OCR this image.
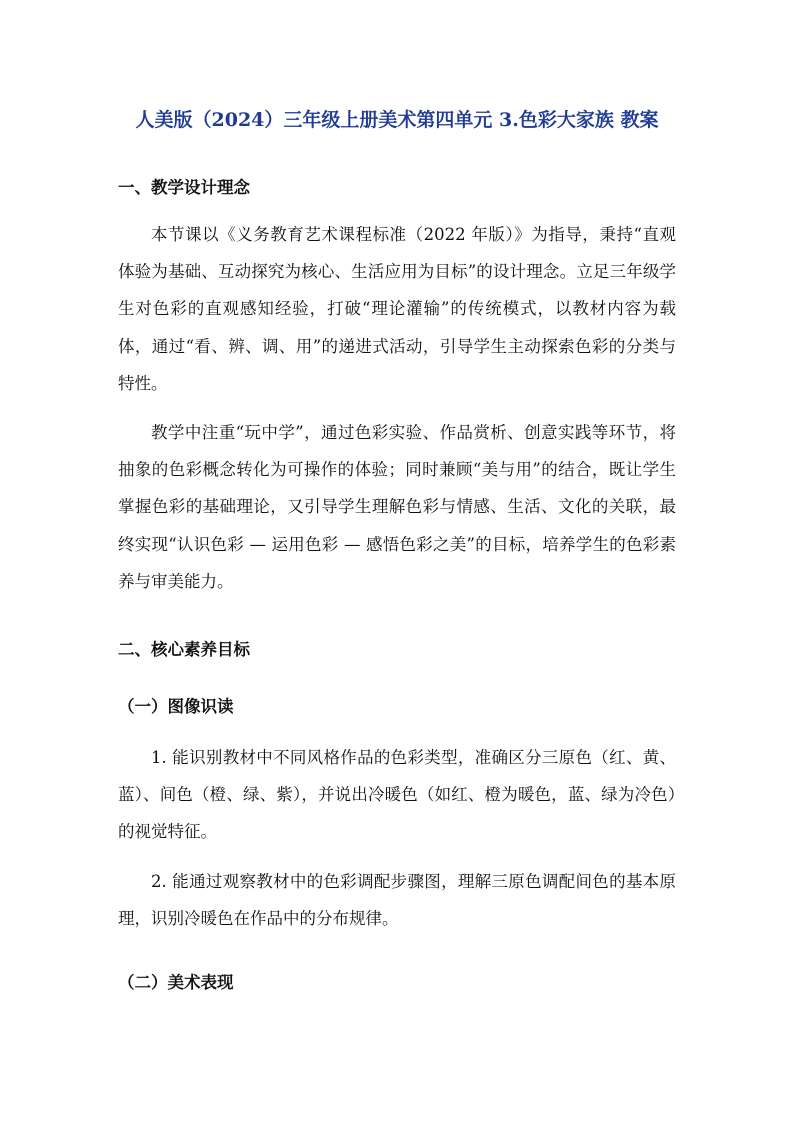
人美版（2024）三年级上册美术第四单元 3.色彩大家族 教案
一、教学设计理念

本节课以《义务教育艺术课程标准（2022 年版）》为指导，秉持“直观体验为基础、互动探究为核心、生活应用为目标”的设计理念。立足三年级学生对色彩的直观感知经验，打破“理论灌输”的传统模式，以教材内容为载体，通过“看、辨、调、用”的递进式活动，引导学生主动探索色彩的分类与特性。

教学中注重“玩中学”，通过色彩实验、作品赏析、创意实践等环节，将抽象的色彩概念转化为可操作的体验；同时兼顾“美与用”的结合，既让学生掌握色彩的基础理论，又引导学生理解色彩与情感、生活、文化的关联，最终实现“认识色彩 — 运用色彩 — 感悟色彩之美”的目标，培养学生的色彩素养与审美能力。

二、核心素养目标
（一）图像识读

1. 能识别教材中不同风格作品的色彩类型，准确区分三原色（红、黄、蓝）、间色（橙、绿、紫），并说出冷暖色（如红、橙为暖色，蓝、绿为冷色）的视觉特征。

2. 能通过观察教材中的色彩调配步骤图，理解三原色调配间色的基本原理，识别冷暖色在作品中的分布规律。

（二）美术表现
